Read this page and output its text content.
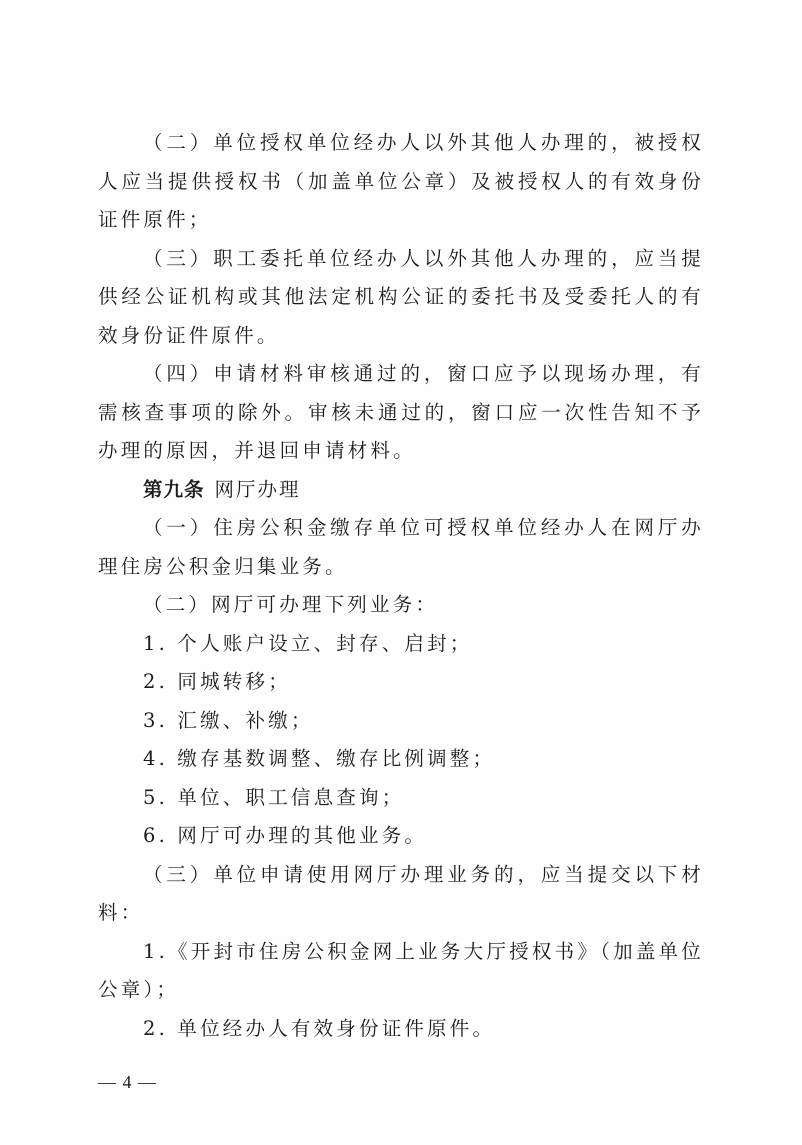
（二）单位授权单位经办人以外其他人办理的，被授权人应当提供授权书（加盖单位公章）及被授权人的有效身份证件原件；

（三）职工委托单位经办人以外其他人办理的，应当提供经公证机构或其他法定机构公证的委托书及受委托人的有效身份证件原件。

（四）申请材料审核通过的，窗口应予以现场办理，有需核查事项的除外。审核未通过的，窗口应一次性告知不予办理的原因，并退回申请材料。

第九条 网厅办理

（一）住房公积金缴存单位可授权单位经办人在网厅办理住房公积金归集业务。

（二）网厅可办理下列业务：

1. 个人账户设立、封存、启封；

2. 同城转移；

3. 汇缴、补缴；

4. 缴存基数调整、缴存比例调整；

5. 单位、职工信息查询；

6. 网厅可办理的其他业务。

（三）单位申请使用网厅办理业务的，应当提交以下材料：

1.《开封市住房公积金网上业务大厅授权书》（加盖单位公章）；

2. 单位经办人有效身份证件原件。

— 4 —
